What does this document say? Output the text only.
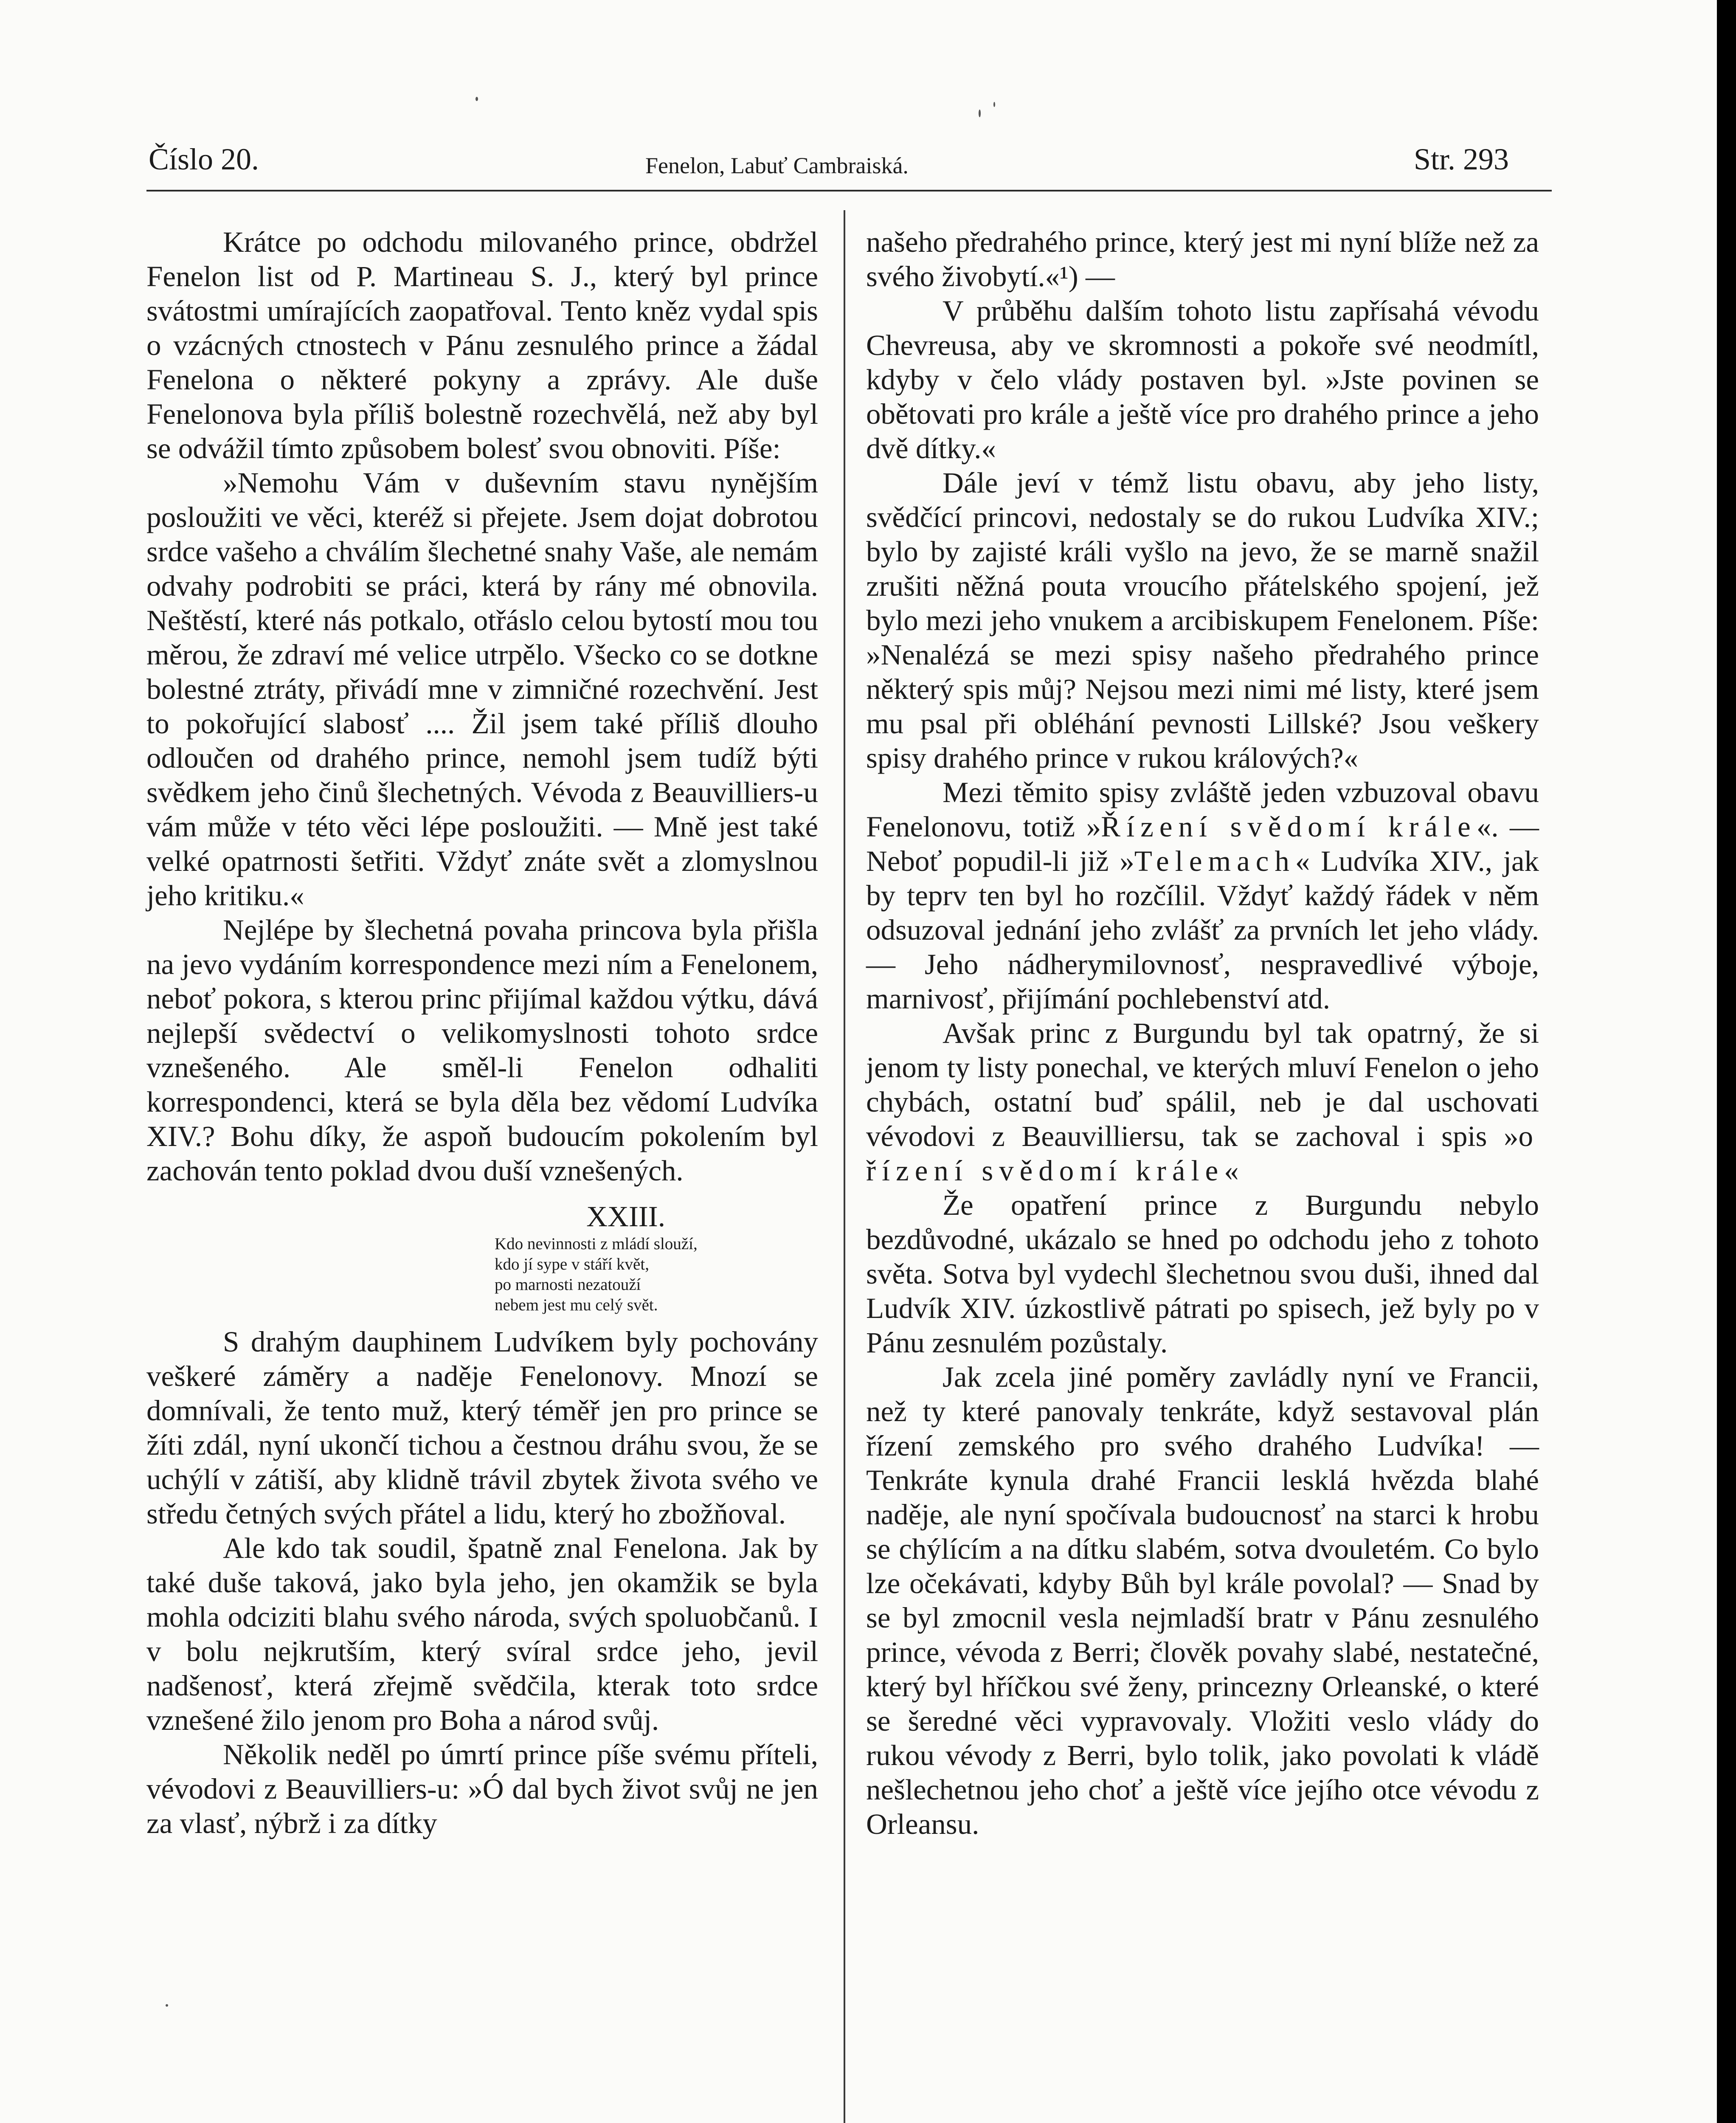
Číslo 20.	Fenelon, Labuť Cambraiská.	Str. 293

Krátce po odchodu milovaného prince, obdržel Fenelon list od P. Martineau S. J., který byl prince svátostmi umírajících zaopatřoval. Tento kněz vydal spis o vzácných ctnostech v Pánu zesnulého prince a žádal Fenelona o některé pokyny a zprávy. Ale duše Fenelonova byla příliš bolestně rozechvělá, než aby byl se odvážil tímto způsobem bolesť svou obnoviti. Píše:

»Nemohu Vám v duševním stavu nynějším posloužiti ve věci, kteréž si přejete. Jsem dojat dobrotou srdce vašeho a chválím šlechetné snahy Vaše, ale nemám odvahy podrobiti se práci, která by rány mé obnovila. Neštěstí, které nás potkalo, otřáslo celou bytostí mou tou měrou, že zdraví mé velice utrpělo. Všecko co se dotkne bolestné ztráty, přivádí mne v zimničné rozechvění. Jest to pokořující slabosť .... Žil jsem také příliš dlouho odloučen od drahého prince, nemohl jsem tudíž býti svědkem jeho činů šlechetných. Vévoda z Beauvilliers-u vám může v této věci lépe posloužiti. — Mně jest také velké opatrnosti šetřiti. Vždyť znáte svět a zlomyslnou jeho kritiku.«

Nejlépe by šlechetná povaha princova byla přišla na jevo vydáním korrespondence mezi ním a Fenelonem, neboť pokora, s kterou princ přijímal každou výtku, dává nejlepší svědectví o velikomyslnosti tohoto srdce vznešeného. Ale směl-li Fenelon odhaliti korrespondenci, která se byla děla bez vědomí Ludvíka XIV.? Bohu díky, že aspoň budoucím pokolením byl zachován tento poklad dvou duší vznešených.

XXIII.
Kdo nevinnosti z mládí slouží,
kdo jí sype v stáří květ,
po marnosti nezatouží
nebem jest mu celý svět.

S drahým dauphinem Ludvíkem byly pochovány veškeré záměry a naděje Fenelonovy. Mnozí se domnívali, že tento muž, který téměř jen pro prince se žíti zdál, nyní ukončí tichou a čestnou dráhu svou, že se uchýlí v zátiší, aby klidně trávil zbytek života svého ve středu četných svých přátel a lidu, který ho zbožňoval.

Ale kdo tak soudil, špatně znal Fenelona. Jak by také duše taková, jako byla jeho, jen okamžik se byla mohla odciziti blahu svého národa, svých spoluobčanů. I v bolu nejkrutším, který svíral srdce jeho, jevil nadšenosť, která zřejmě svědčila, kterak toto srdce vznešené žilo jenom pro Boha a národ svůj.

Několik neděl po úmrtí prince píše svému příteli, vévodovi z Beauvilliers-u: »Ó dal bych život svůj ne jen za vlasť, nýbrž i za dítky

našeho předrahého prince, který jest mi nyní blíže než za svého živobytí.«¹) —

V průběhu dalším tohoto listu zapřísahá vévodu Chevreusa, aby ve skromnosti a pokoře své neodmítl, kdyby v čelo vlády postaven byl. »Jste povinen se obětovati pro krále a ještě více pro drahého prince a jeho dvě dítky.«

Dále jeví v témž listu obavu, aby jeho listy, svědčící princovi, nedostaly se do rukou Ludvíka XIV.; bylo by zajisté králi vyšlo na jevo, že se marně snažil zrušiti něžná pouta vroucího přátelského spojení, jež bylo mezi jeho vnukem a arcibiskupem Fenelonem. Píše: »Nenalézá se mezi spisy našeho předrahého prince některý spis můj? Nejsou mezi nimi mé listy, které jsem mu psal při obléhání pevnosti Lillské? Jsou veškery spisy drahého prince v rukou králových?«

Mezi těmito spisy zvláště jeden vzbuzoval obavu Fenelonovu, totiž »Řízení svědomí krále«. — Neboť popudil-li již »Telemach« Ludvíka XIV., jak by teprv ten byl ho rozčílil. Vždyť každý řádek v něm odsuzoval jednání jeho zvlášť za prvních let jeho vlády. — Jeho nádherymilovnosť, nespravedlivé výboje, marnivosť, přijímání pochlebenství atd.

Avšak princ z Burgundu byl tak opatrný, že si jenom ty listy ponechal, ve kterých mluví Fenelon o jeho chybách, ostatní buď spálil, neb je dal uschovati vévodovi z Beauvilliersu, tak se zachoval i spis »o řízení svědomí krále«

Že opatření prince z Burgundu nebylo bezdůvodné, ukázalo se hned po odchodu jeho z tohoto světa. Sotva byl vydechl šlechetnou svou duši, ihned dal Ludvík XIV. úzkostlivě pátrati po spisech, jež byly po v Pánu zesnulém pozůstaly.

Jak zcela jiné poměry zavládly nyní ve Francii, než ty které panovaly tenkráte, když sestavoval plán řízení zemského pro svého drahého Ludvíka! — Tenkráte kynula drahé Francii lesklá hvězda blahé naděje, ale nyní spočívala budoucnosť na starci k hrobu se chýlícím a na dítku slabém, sotva dvouletém. Co bylo lze očekávati, kdyby Bůh byl krále povolal? — Snad by se byl zmocnil vesla nejmladší bratr v Pánu zesnulého prince, vévoda z Berri; člověk povahy slabé, nestatečné, který byl hříčkou své ženy, princezny Orleanské, o které se šeredné věci vypravovaly. Vložiti veslo vlády do rukou vévody z Berri, bylo tolik, jako povolati k vládě nešlechetnou jeho choť a ještě více jejího otce vévodu z Orleansu.
